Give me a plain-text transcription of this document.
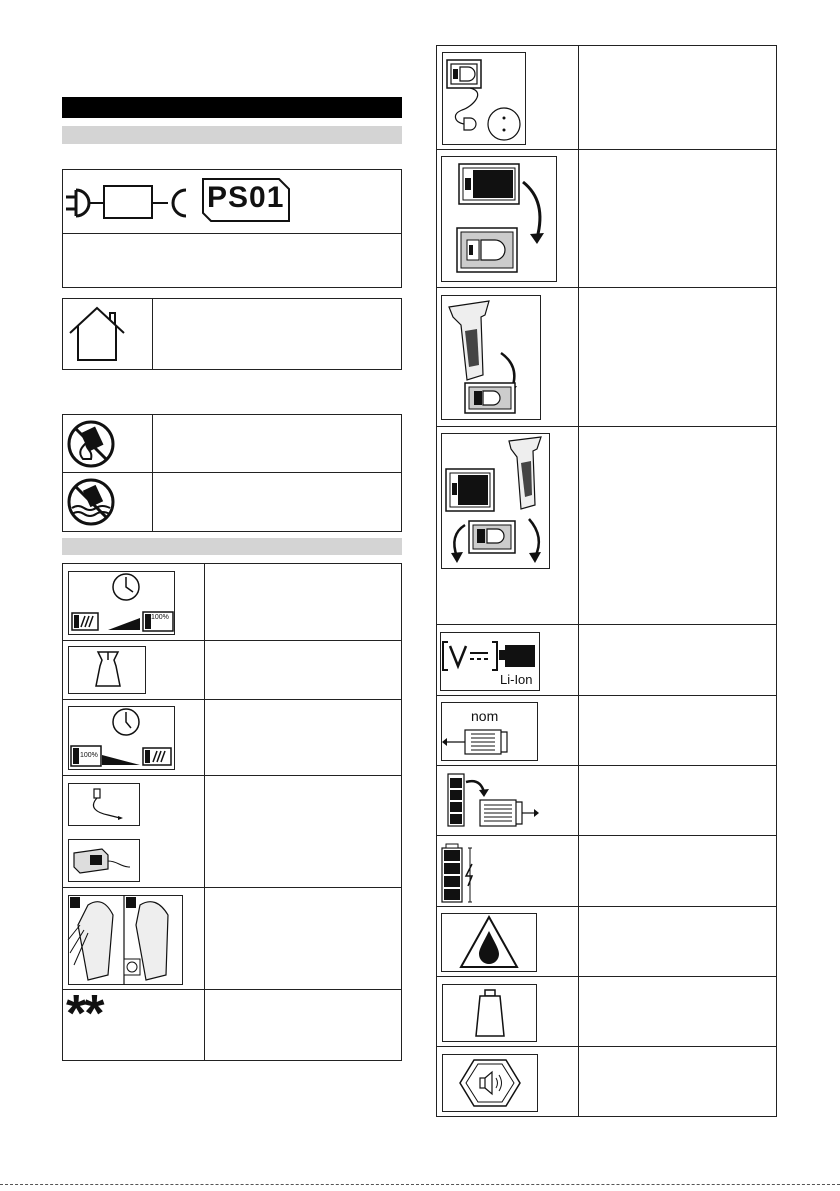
PS01
100%
100%
**
Li-Ion
nom
